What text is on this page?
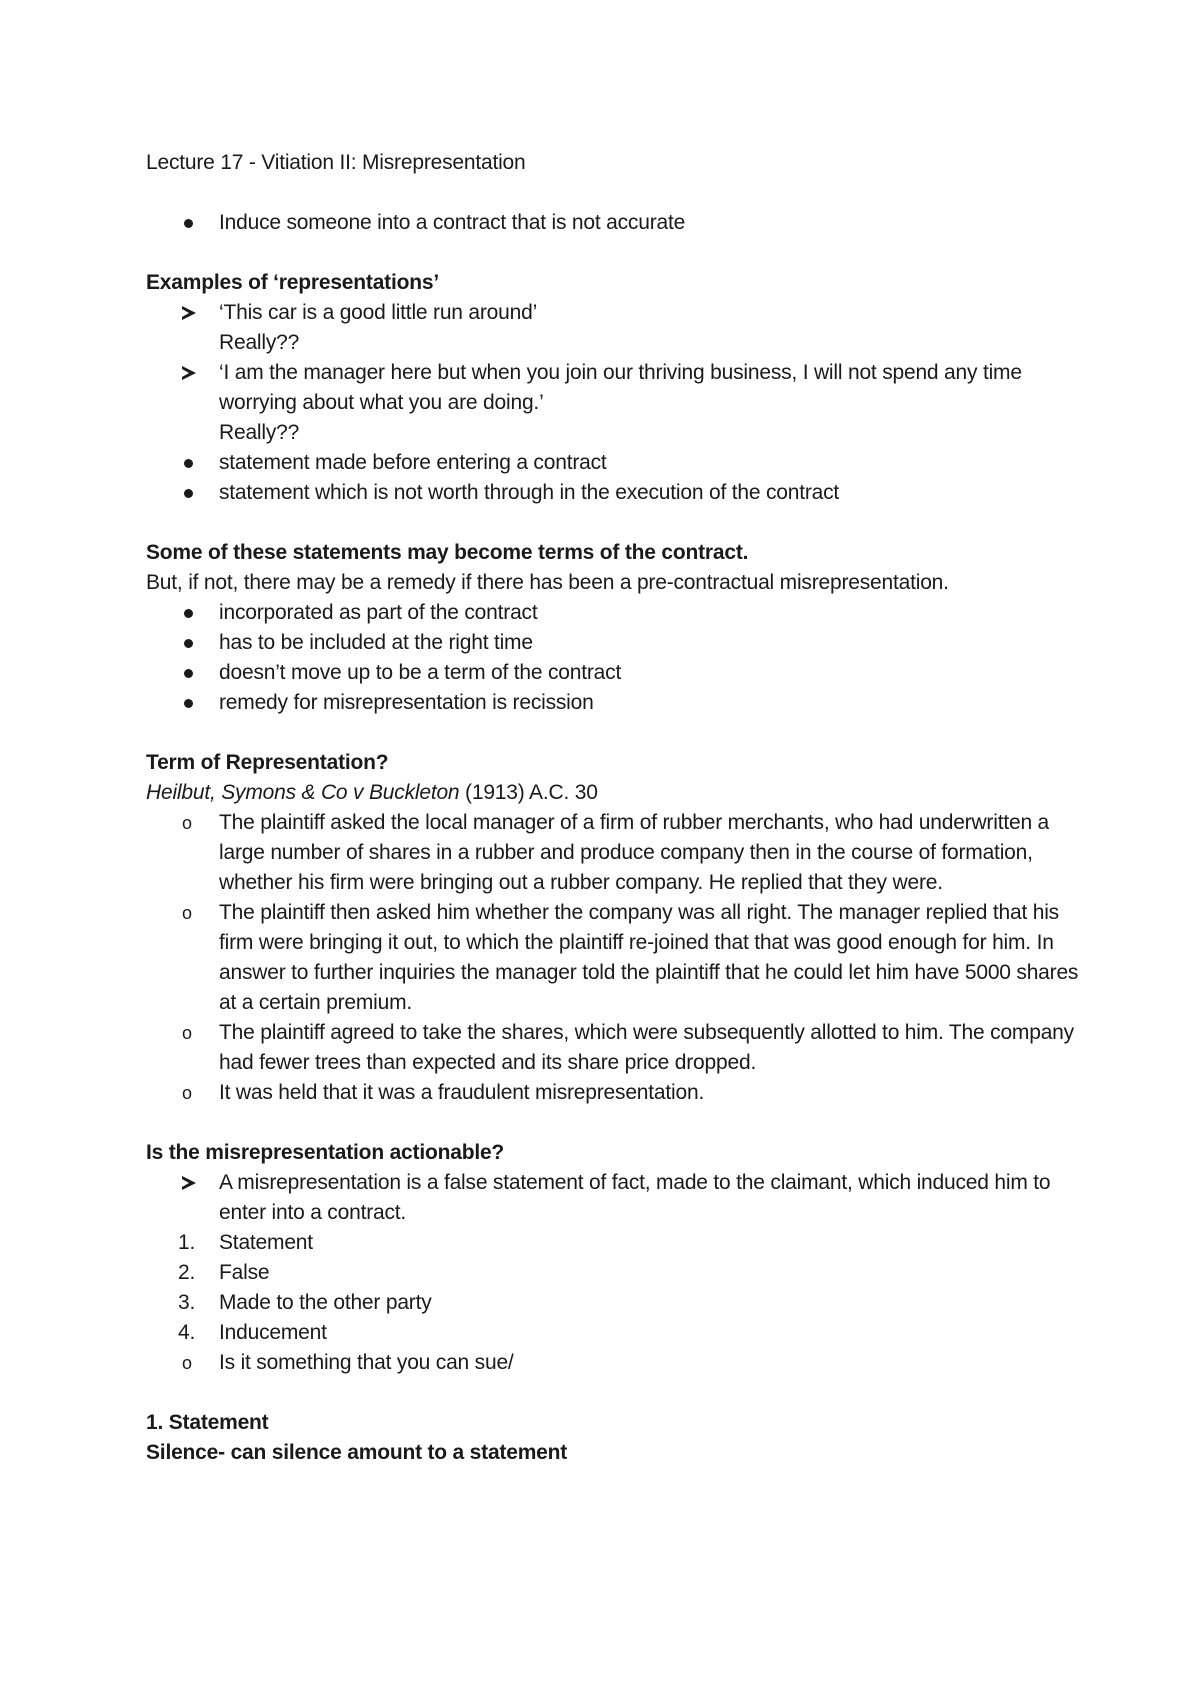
Lecture 17 - Vitiation II: Misrepresentation

Induce someone into a contract that is not accurate

Examples of ‘representations’

‘This car is a good little run around’

Really??

‘I am the manager here but when you join our thriving business, I will not spend any time worrying about what you are doing.’

Really??

statement made before entering a contract

statement which is not worth through in the execution of the contract

Some of these statements may become terms of the contract.

But, if not, there may be a remedy if there has been a pre-contractual misrepresentation.

incorporated as part of the contract

has to be included at the right time

doesn’t move up to be a term of the contract

remedy for misrepresentation is recission

Term of Representation?

Heilbut, Symons & Co v Buckleton (1913) A.C. 30

o	The plaintiff asked the local manager of a firm of rubber merchants, who had underwritten a large number of shares in a rubber and produce company then in the course of formation, whether his firm were bringing out a rubber company. He replied that they were.

o	The plaintiff then asked him whether the company was all right. The manager replied that his firm were bringing it out, to which the plaintiff re-joined that that was good enough for him. In answer to further inquiries the manager told the plaintiff that he could let him have 5000 shares at a certain premium.

o	The plaintiff agreed to take the shares, which were subsequently allotted to him. The company had fewer trees than expected and its share price dropped.

o	It was held that it was a fraudulent misrepresentation.

Is the misrepresentation actionable?

A misrepresentation is a false statement of fact, made to the claimant, which induced him to enter into a contract.

1.	Statement

2.	False

3.	Made to the other party

4.	Inducement

o	Is it something that you can sue/

1. Statement

Silence- can silence amount to a statement
